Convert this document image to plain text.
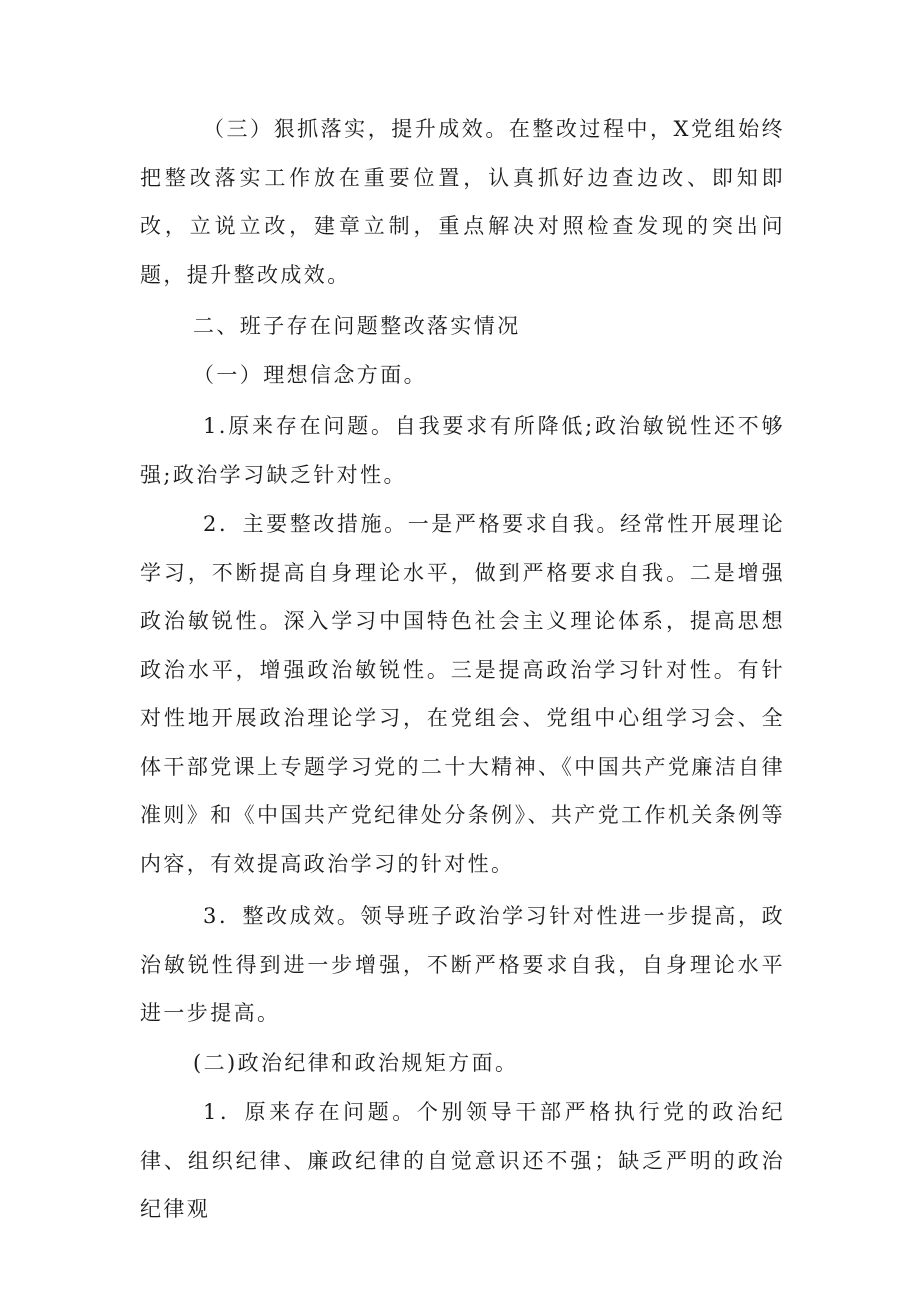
（三）狠抓落实，提升成效。在整改过程中，X党组始终把整改落实工作放在重要位置，认真抓好边查边改、即知即改，立说立改，建章立制，重点解决对照检查发现的突出问题，提升整改成效。

二、班子存在问题整改落实情况

（一）理想信念方面。

1.原来存在问题。自我要求有所降低;政治敏锐性还不够强;政治学习缺乏针对性。

2．主要整改措施。一是严格要求自我。经常性开展理论学习，不断提高自身理论水平，做到严格要求自我。二是增强政治敏锐性。深入学习中国特色社会主义理论体系，提高思想政治水平，增强政治敏锐性。三是提高政治学习针对性。有针对性地开展政治理论学习，在党组会、党组中心组学习会、全体干部党课上专题学习党的二十大精神、《中国共产党廉洁自律准则》和《中国共产党纪律处分条例》、共产党工作机关条例等内容，有效提高政治学习的针对性。

3．整改成效。领导班子政治学习针对性进一步提高，政治敏锐性得到进一步增强，不断严格要求自我，自身理论水平进一步提高。

(二)政治纪律和政治规矩方面。

1．原来存在问题。个别领导干部严格执行党的政治纪律、组织纪律、廉政纪律的自觉意识还不强；缺乏严明的政治纪律观
